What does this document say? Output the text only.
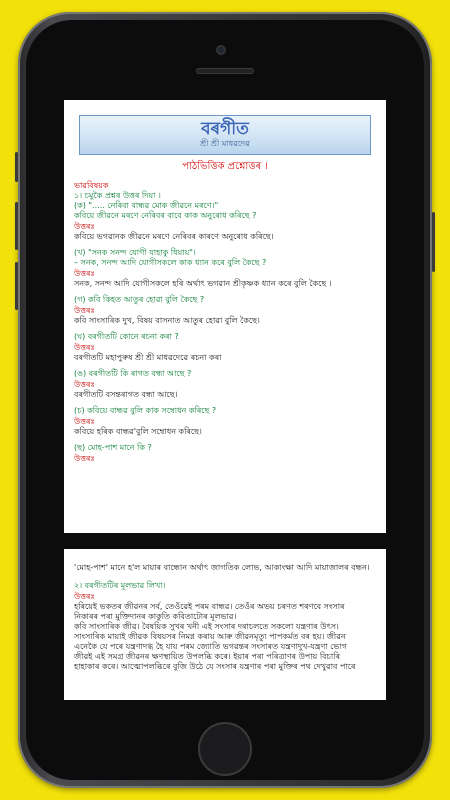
বৰগীত
শ্ৰী শ্ৰী মাধৱদেৱ
পাঠভিত্তিক প্ৰশ্নোত্তৰ ।
ভাৱবিষয়ক
১। চমুকৈ প্ৰশ্নৰ উত্তৰ দিয়া ।
(ক) "..... নেৰিবা বান্ধৱ মোক জীৱনে মৰণে।"
কবিয়ে জীৱনে মৰণে নেৰিবৰ বাবে কাক অনুৰোধ কৰিছে ?
উত্তৰঃ
কবিয়ে ভগৱানক জীৱনে মৰণে নেৰিবৰ কাৰণে অনুৰোধ কৰিছে।
(খ) "সনক সনন্দ যোগী যাহাকু ধিয়ায়"।
– সনক, সনন্দ আদি যোগীসকলে কাক ধ্যান কৰে বুলি কৈছে ?
উত্তৰঃ
সনক, সনন্দ আদি যোগীসকলে হৰি অৰ্থাৎ ভগৱান শ্ৰীকৃষ্ণক ধ্যান কৰে বুলি কৈছে ।
(গ) কবি কিহত আতুৰ হোৱা বুলি কৈছে ?
উত্তৰঃ
কবি সাংসাৰিক দুখ, বিষয় বাসনাত আতুৰ হোৱা বুলি কৈছে।
(ঘ) বৰগীতটি কোনে ৰচনা কৰা ?
উত্তৰঃ
বৰগীতটি মহাপুৰুষ শ্ৰী শ্ৰী মাধৱদেৱে ৰচনা কৰা
(ঙ) বৰগীতটি কি ৰাগত বন্ধা আছে ?
উত্তৰঃ
বৰগীতটি বসন্তৰাগত বন্ধা আছে।
(চ) কবিয়ে বান্ধৱ বুলি কাক সম্বোধন কৰিছে ?
উত্তৰঃ
কবিয়ে হৰিক বান্ধৱ'বুলি সম্বোধন কৰিছে।
(ছ) মোহ-পাশ মানে কি ?
উত্তৰঃ
'মোহ-পাশ' মানে হ'ল মায়াৰ বান্ধোন অৰ্থাৎ জাগতিক লোভ, আকাংক্ষা আদি মায়াজালৰ বন্ধন।
২। বৰগীতটিৰ মূলভাৱ লিখা।
উত্তৰঃ
হৰিয়েই ভকতৰ জীৱনৰ সৰ্ব, তেওঁৱেই পৰম বান্ধৱ। তেওঁৰ অভয় চৰণত শৰণবে সংসাৰ
নিকাৰৰ পৰা মুক্তিদানৰ কাকুতি কবিতাটোৰ মূলভাৱ।
কবি সাংসাৰিক জীৱ। বৈষয়িক সুখৰ খনী এই সংসাৰ দৰাচলতে সকলো যন্ত্ৰণাৰ উৎস।
সাংসাৰিক মায়াই জীৱক বিষয়সৰ নিমগ্ন কৰায় আৰু জীৱনমৃত্যু পাপকৰ্মত বৰ হয়। জীৱন
এনেকৈ যে পৰে যন্ত্ৰণাদগ্ধ হৈ যায় পৰম জ্যোতি ভগৱন্তৰ সংসাৰত যন্ত্ৰণাদুখ-যন্ত্ৰণা ভোগ
জীৱই এই সমগ্ৰ জীৱনৰ ক্ষণস্থায়িত উপলব্ধি কৰে। ইয়াৰ পৰা পৰিত্ৰাণৰ উপায় বিচাৰি
হাহাকাৰ কৰে। আত্মোপলব্ধিৰে বুজি উঠে যে সংসাৰ যন্ত্ৰণাৰ পৰা মুক্তিৰ পথ দেখুৱাব পাৰে
